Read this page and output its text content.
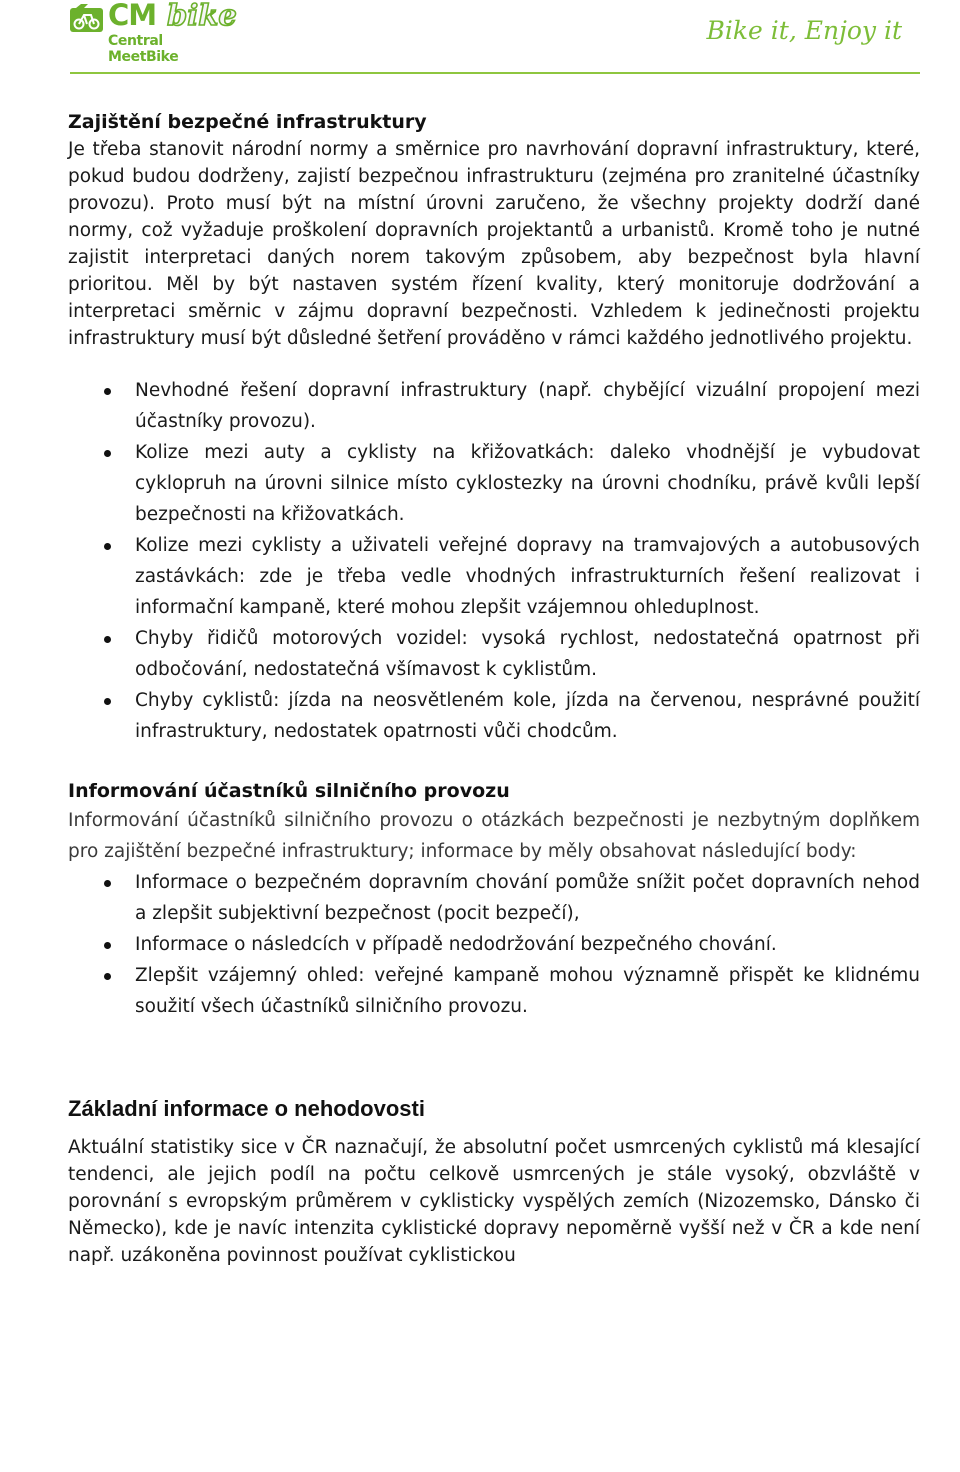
CM bike
Central MeetBike
Bike it, Enjoy it
Zajištění bezpečné infrastruktury

Je třeba stanovit národní normy a směrnice pro navrhování dopravní infrastruktury, které, pokud budou dodrženy, zajistí bezpečnou infrastrukturu (zejména pro zranitelné účastníky provozu). Proto musí být na místní úrovni zaručeno, že všechny projekty dodrží dané normy, což vyžaduje proškolení dopravních projektantů a urbanistů. Kromě toho je nutné zajistit interpretaci daných norem takovým způsobem, aby bezpečnost byla hlavní prioritou. Měl by být nastaven systém řízení kvality, který monitoruje dodržování a interpretaci směrnic v zájmu dopravní bezpečnosti. Vzhledem k jedinečnosti projektu infrastruktury musí být důsledné šetření prováděno v rámci každého jednotlivého projektu.

Nevhodné řešení dopravní infrastruktury (např. chybějící vizuální propojení mezi účastníky provozu).
Kolize mezi auty a cyklisty na křižovatkách: daleko vhodnější je vybudovat cyklopruh na úrovni silnice místo cyklostezky na úrovni chodníku, právě kvůli lepší bezpečnosti na křižovatkách.
Kolize mezi cyklisty a uživateli veřejné dopravy na tramvajových a autobusových zastávkách: zde je třeba vedle vhodných infrastrukturních řešení realizovat i informační kampaně, které mohou zlepšit vzájemnou ohleduplnost.
Chyby řidičů motorových vozidel: vysoká rychlost, nedostatečná opatrnost při odbočování, nedostatečná všímavost k cyklistům.
Chyby cyklistů: jízda na neosvětleném kole, jízda na červenou, nesprávné použití infrastruktury, nedostatek opatrnosti vůči chodcům.
Informování účastníků silničního provozu

Informování účastníků silničního provozu o otázkách bezpečnosti je nezbytným doplňkem pro zajištění bezpečné infrastruktury; informace by měly obsahovat následující body:

Informace o bezpečném dopravním chování pomůže snížit počet dopravních nehod a zlepšit subjektivní bezpečnost (pocit bezpečí),
Informace o následcích v případě nedodržování bezpečného chování.
Zlepšit vzájemný ohled: veřejné kampaně mohou významně přispět ke klidnému soužití všech účastníků silničního provozu.
Základní informace o nehodovosti

Aktuální statistiky sice v ČR naznačují, že absolutní počet usmrcených cyklistů má klesající tendenci, ale jejich podíl na počtu celkově usmrcených je stále vysoký, obzvláště v porovnání s evropským průměrem v cyklisticky vyspělých zemích (Nizozemsko, Dánsko či Německo), kde je navíc intenzita cyklistické dopravy nepoměrně vyšší než v ČR a kde není např. uzákoněna povinnost používat cyklistickou
